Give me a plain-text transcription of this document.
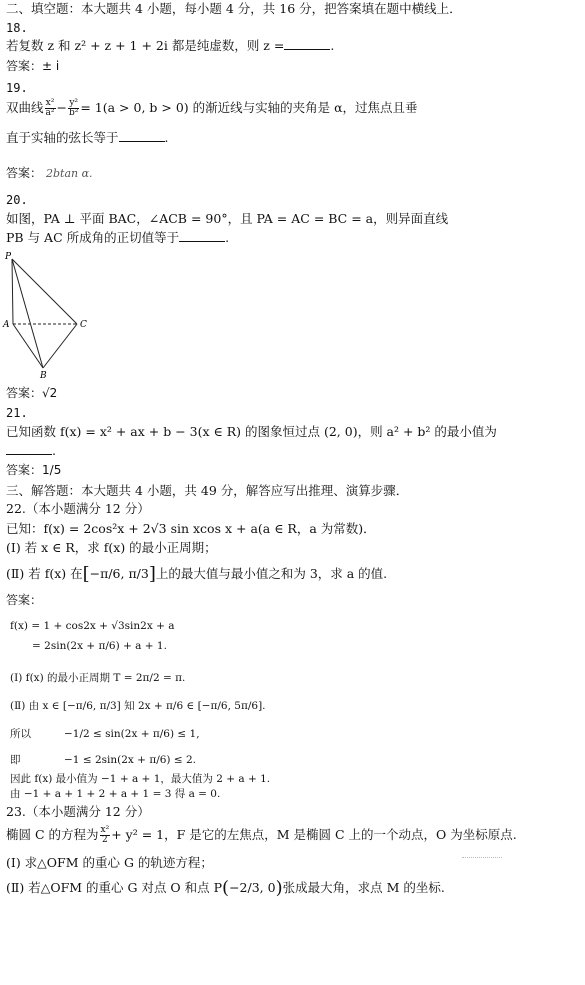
二、填空题：本大题共 4 小题，每小题 4 分，共 16 分，把答案填在题中横线上．
18.
若复数 z 和 z² + z + 1 + 2i 都是纯虚数，则 z =	.
答案：± i
19.
双曲线 $\frac{\text{x²}}{\text{a²}} - \frac{\text{y²}}{\text{b²}} = 1(a > 0$, b > 0) 的渐近线与实轴的夹角是 α，过焦点且垂
直于实轴的弦长等于	.
答案： 2btan α.
20.
如图，PA ⊥ 平面 BAC，∠ACB = 90°，且 PA = AC = BC = a，则异面直线
PB 与 AC 所成角的正切值等于	.
P
A	C
B
答案：√2
21.
已知函数 f(x) = x² + ax + b − 3(x ∈ R) 的图象恒过点 (2, 0)，则 a² + b² 的最小值为
.
答案：1/5
三、解答题：本大题共 4 小题，共 49 分，解答应写出推理、演算步骤．
22.（本小题满分 12 分）
已知：f(x) = 2cos²x + 2√3 sin xcos x + a(a ∈ R，a 为常数)．
(Ⅰ) 若 x ∈ R，求 f(x) 的最小正周期；
(Ⅱ) 若 f(x) 在[−π/6, π/3]上的最大值与最小值之和为 3，求 a 的值.
答案：
f(x) = 1 + cos2x + √3sin2x + a
= 2sin(2x + π/6) + a + 1.
(Ⅰ) f(x) 的最小正周期 T = 2π/2 = π.
(Ⅱ) 由 x ∈ [−π/6, π/3] 知 2x + π/6 ∈ [−π/6, 5π/6].
所以	−1/2 ≤ sin(2x + π/6) ≤ 1,
即	−1 ≤ 2sin(2x + π/6) ≤ 2.
因此 f(x) 最小值为 −1 + a + 1，最大值为 2 + a + 1.
由 −1 + a + 1 + 2 + a + 1 = 3 得 a = 0.
23.（本小题满分 12 分）
椭圆 C 的方程为 $\frac{\text{x²}}{2} + y^2 = 1$，F 是它的左焦点，M 是椭圆 C 上的一个动点，O 为坐标原点.
(Ⅰ) 求△OFM 的重心 G 的轨迹方程；
(Ⅱ) 若△OFM 的重心 G 对点 O 和点 P(−2/3, 0)张成最大角，求点 M 的坐标.
